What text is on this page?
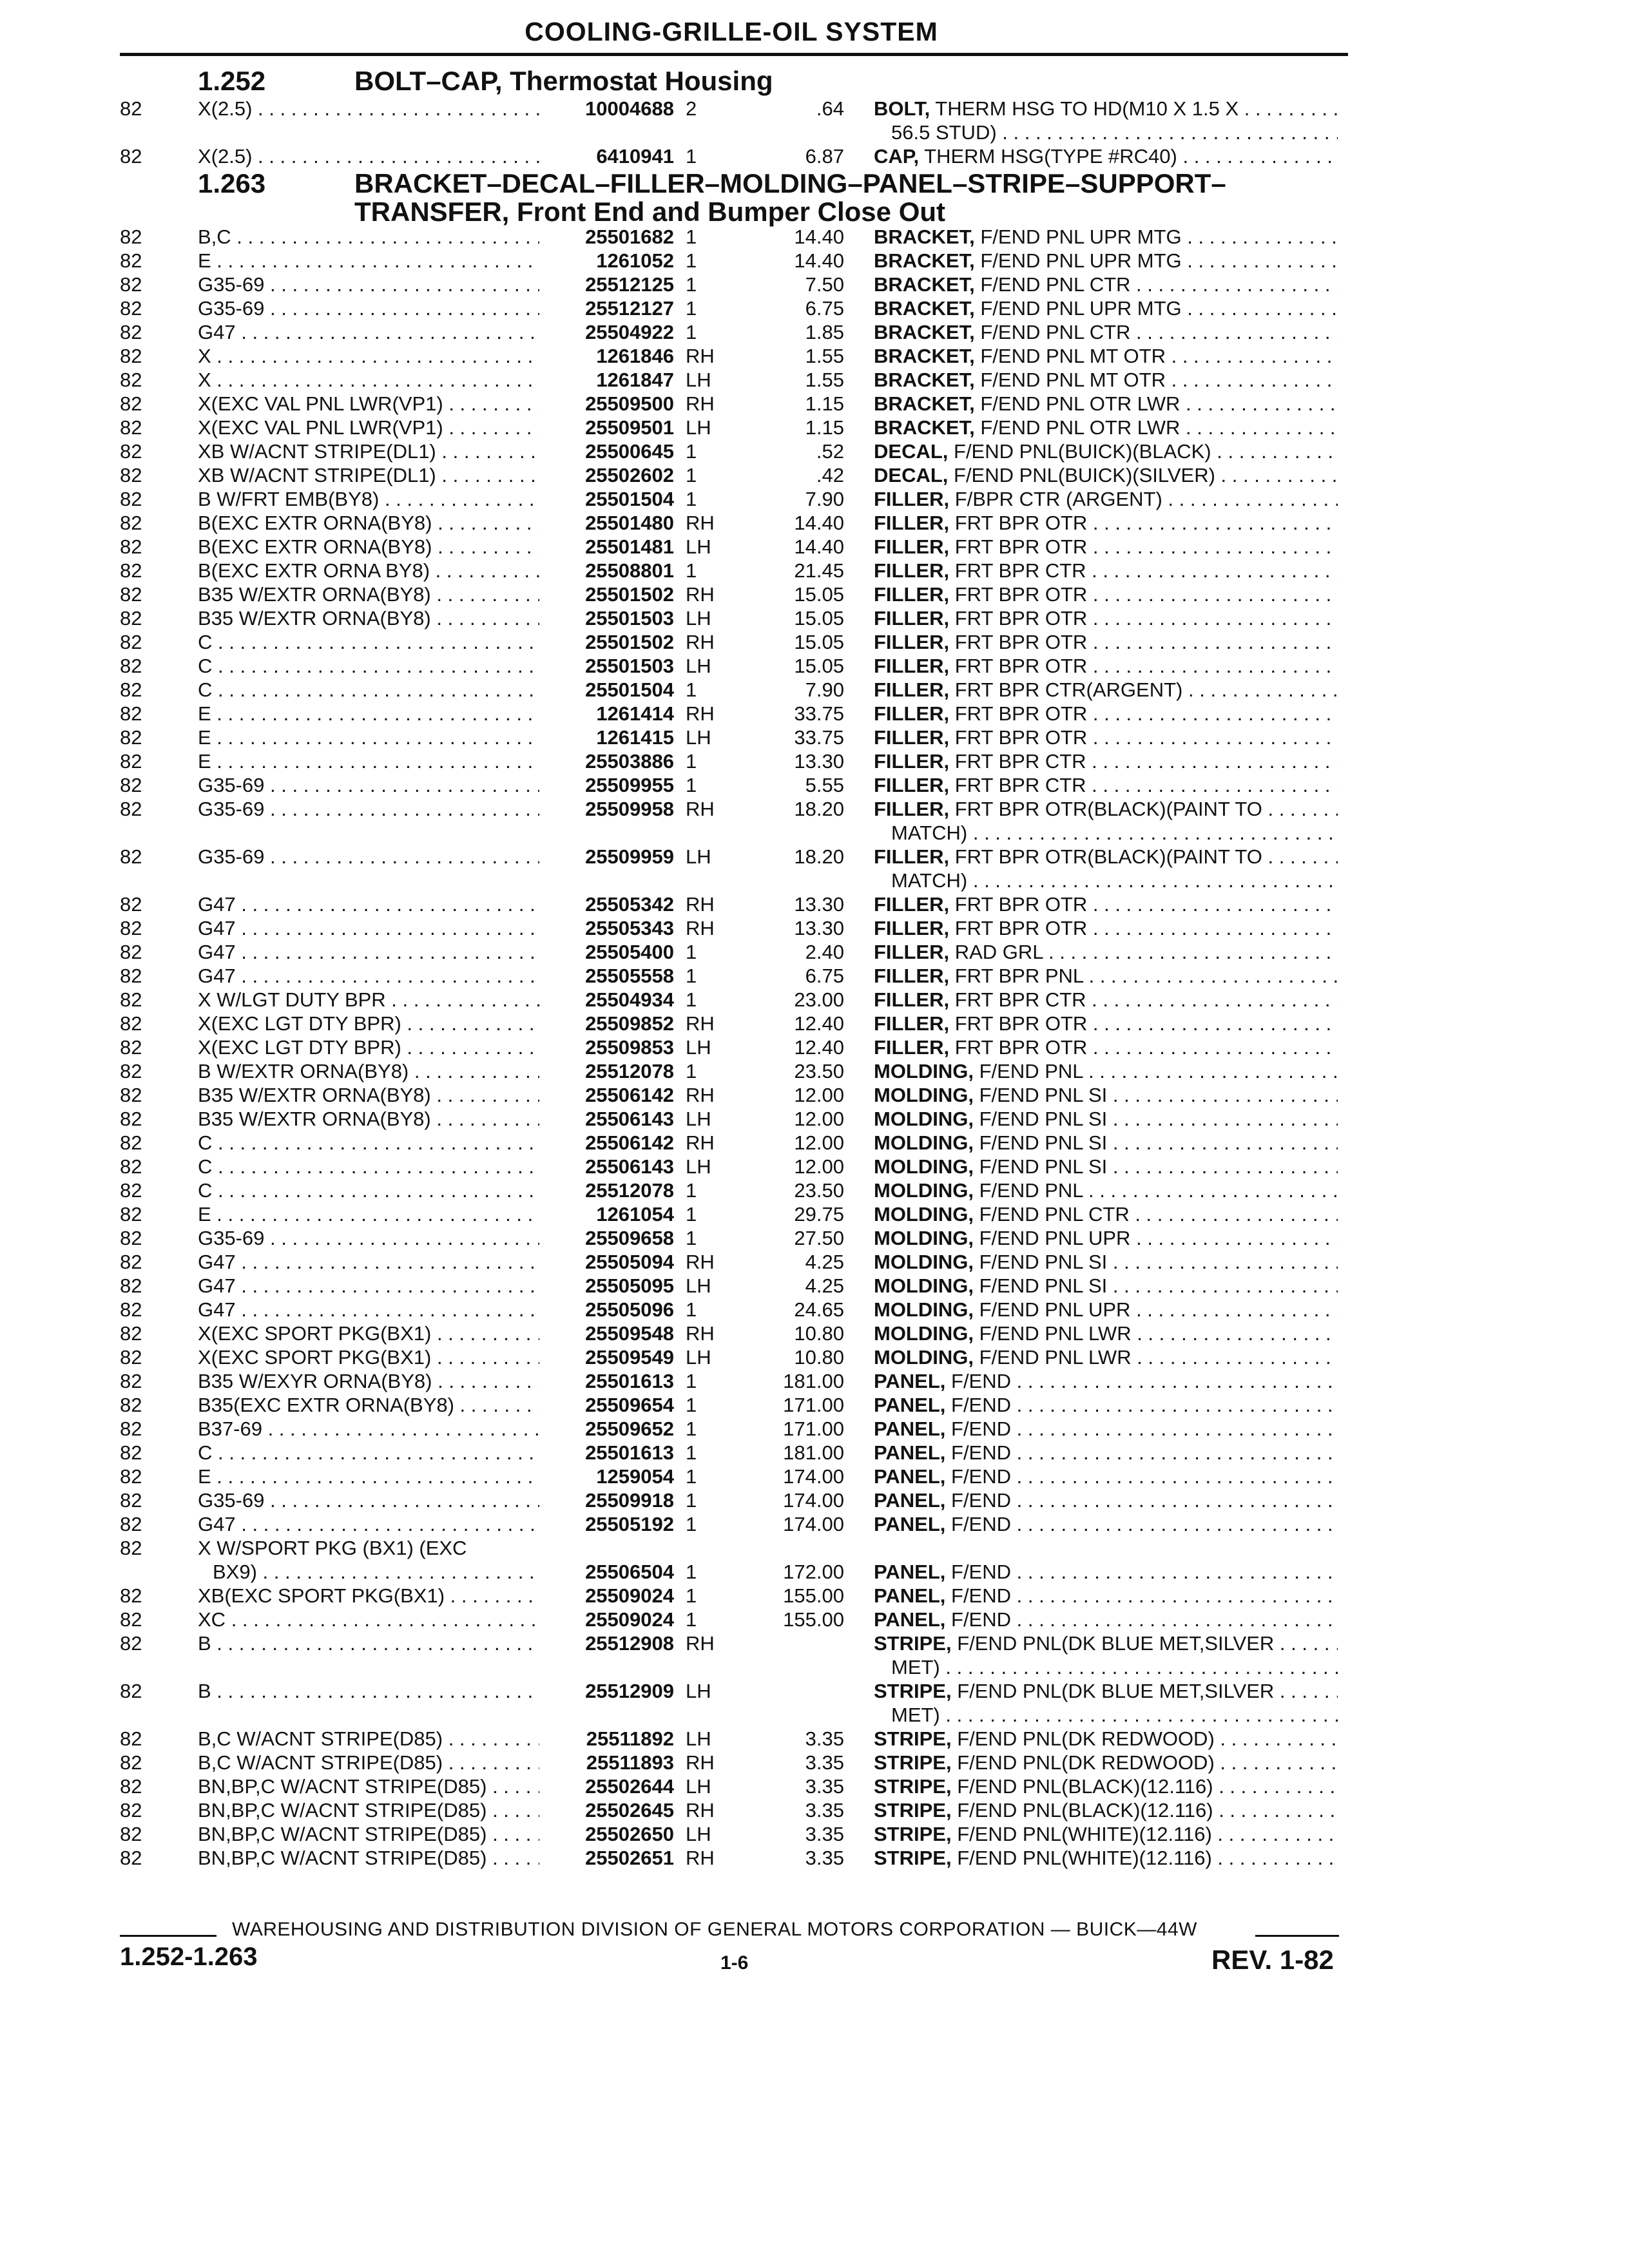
COOLING-GRILLE-OIL SYSTEM
1.252	BOLT–CAP, Thermostat Housing
82	X(2.5) . . .	10004688 2	.64 BOLT, THERM HSG TO HD(M10 X 1.5 X . . .
56.5 STUD) . . .
82	X(2.5) . . .	6410941 1	6.87 CAP, THERM HSG(TYPE #RC40) . . .
1.263	BRACKET–DECAL–FILLER–MOLDING–PANEL–STRIPE–SUPPORT–
TRANSFER, Front End and Bumper Close Out
82	B,C . . .	25501682 1	14.40 BRACKET, F/END PNL UPR MTG . . .
82	E . . .	1261052 1	14.40 BRACKET, F/END PNL UPR MTG . . .
82	G35-69 . . .	25512125 1	7.50 BRACKET, F/END PNL CTR . . .
82	G35-69 . . .	25512127 1	6.75 BRACKET, F/END PNL UPR MTG . . .
82	G47 . . .	25504922 1	1.85 BRACKET, F/END PNL CTR . . .
82	X . . .	1261846 RH	1.55 BRACKET, F/END PNL MT OTR . . .
82	X . . .	1261847 LH	1.55 BRACKET, F/END PNL MT OTR . . .
82	X(EXC VAL PNL LWR(VP1) . . .	25509500 RH	1.15 BRACKET, F/END PNL OTR LWR . . .
82	X(EXC VAL PNL LWR(VP1) . . .	25509501 LH	1.15 BRACKET, F/END PNL OTR LWR . . .
82	XB W/ACNT STRIPE(DL1) . . .	25500645 1	.52 DECAL, F/END PNL(BUICK)(BLACK) . . .
82	XB W/ACNT STRIPE(DL1) . . .	25502602 1	.42 DECAL, F/END PNL(BUICK)(SILVER) . . .
82	B W/FRT EMB(BY8) . . .	25501504 1	7.90 FILLER, F/BPR CTR (ARGENT) . . .
82	B(EXC EXTR ORNA(BY8) . . .	25501480 RH	14.40 FILLER, FRT BPR OTR . . .
82	B(EXC EXTR ORNA(BY8) . . .	25501481 LH	14.40 FILLER, FRT BPR OTR . . .
82	B(EXC EXTR ORNA BY8) . . .	25508801 1	21.45 FILLER, FRT BPR CTR . . .
82	B35 W/EXTR ORNA(BY8) . . .	25501502 RH	15.05 FILLER, FRT BPR OTR . . .
82	B35 W/EXTR ORNA(BY8) . . .	25501503 LH	15.05 FILLER, FRT BPR OTR . . .
82	C . . .	25501502 RH	15.05 FILLER, FRT BPR OTR . . .
82	C . . .	25501503 LH	15.05 FILLER, FRT BPR OTR . . .
82	C . . .	25501504 1	7.90 FILLER, FRT BPR CTR(ARGENT) . . .
82	E . . .	1261414 RH	33.75 FILLER, FRT BPR OTR . . .
82	E . . .	1261415 LH	33.75 FILLER, FRT BPR OTR . . .
82	E . . .	25503886 1	13.30 FILLER, FRT BPR CTR . . .
82	G35-69 . . .	25509955 1	5.55 FILLER, FRT BPR CTR . . .
82	G35-69 . . .	25509958 RH	18.20 FILLER, FRT BPR OTR(BLACK)(PAINT TO . . .
MATCH) . . .
82	G35-69 . . .	25509959 LH	18.20 FILLER, FRT BPR OTR(BLACK)(PAINT TO . . .
MATCH) . . .
82	G47 . . .	25505342 RH	13.30 FILLER, FRT BPR OTR . . .
82	G47 . . .	25505343 RH	13.30 FILLER, FRT BPR OTR . . .
82	G47 . . .	25505400 1	2.40 FILLER, RAD GRL . . .
82	G47 . . .	25505558 1	6.75 FILLER, FRT BPR PNL . . .
82	X W/LGT DUTY BPR . . .	25504934 1	23.00 FILLER, FRT BPR CTR . . .
82	X(EXC LGT DTY BPR) . . .	25509852 RH	12.40 FILLER, FRT BPR OTR . . .
82	X(EXC LGT DTY BPR) . . .	25509853 LH	12.40 FILLER, FRT BPR OTR . . .
82	B W/EXTR ORNA(BY8) . . .	25512078 1	23.50 MOLDING, F/END PNL . . .
82	B35 W/EXTR ORNA(BY8) . . .	25506142 RH	12.00 MOLDING, F/END PNL SI . . .
82	B35 W/EXTR ORNA(BY8) . . .	25506143 LH	12.00 MOLDING, F/END PNL SI . . .
82	C . . .	25506142 RH	12.00 MOLDING, F/END PNL SI . . .
82	C . . .	25506143 LH	12.00 MOLDING, F/END PNL SI . . .
82	C . . .	25512078 1	23.50 MOLDING, F/END PNL . . .
82	E . . .	1261054 1	29.75 MOLDING, F/END PNL CTR . . .
82	G35-69 . . .	25509658 1	27.50 MOLDING, F/END PNL UPR . . .
82	G47 . . .	25505094 RH	4.25 MOLDING, F/END PNL SI . . .
82	G47 . . .	25505095 LH	4.25 MOLDING, F/END PNL SI . . .
82	G47 . . .	25505096 1	24.65 MOLDING, F/END PNL UPR . . .
82	X(EXC SPORT PKG(BX1) . . .	25509548 RH	10.80 MOLDING, F/END PNL LWR . . .
82	X(EXC SPORT PKG(BX1) . . .	25509549 LH	10.80 MOLDING, F/END PNL LWR . . .
82	B35 W/EXYR ORNA(BY8) . . .	25501613 1	181.00 PANEL, F/END . . .
82	B35(EXC EXTR ORNA(BY8) . . .	25509654 1	171.00 PANEL, F/END . . .
82	B37-69 . . .	25509652 1	171.00 PANEL, F/END . . .
82	C . . .	25501613 1	181.00 PANEL, F/END . . .
82	E . . .	1259054 1	174.00 PANEL, F/END . . .
82	G35-69 . . .	25509918 1	174.00 PANEL, F/END . . .
82	G47 . . .	25505192 1	174.00 PANEL, F/END . . .
82	X W/SPORT PKG (BX1) (EXC
BX9) . . .	25506504 1	172.00 PANEL, F/END . . .
82	XB(EXC SPORT PKG(BX1) . . .	25509024 1	155.00 PANEL, F/END . . .
82	XC . . .	25509024 1	155.00 PANEL, F/END . . .
82	B . . .	25512908 RH	STRIPE, F/END PNL(DK BLUE MET,SILVER . . .
MET) . . .
82	B . . .	25512909 LH	STRIPE, F/END PNL(DK BLUE MET,SILVER . . .
MET) . . .
82	B,C W/ACNT STRIPE(D85) . . .	25511892 LH	3.35 STRIPE, F/END PNL(DK REDWOOD) . . .
82	B,C W/ACNT STRIPE(D85) . . .	25511893 RH	3.35 STRIPE, F/END PNL(DK REDWOOD) . . .
82	BN,BP,C W/ACNT STRIPE(D85) . . .	25502644 LH	3.35 STRIPE, F/END PNL(BLACK)(12.116) . . .
82	BN,BP,C W/ACNT STRIPE(D85) . . .	25502645 RH	3.35 STRIPE, F/END PNL(BLACK)(12.116) . . .
82	BN,BP,C W/ACNT STRIPE(D85) . . .	25502650 LH	3.35 STRIPE, F/END PNL(WHITE)(12.116) . . .
82	BN,BP,C W/ACNT STRIPE(D85) . . .	25502651 RH	3.35 STRIPE, F/END PNL(WHITE)(12.116) . . .
WAREHOUSING AND DISTRIBUTION DIVISION OF GENERAL MOTORS CORPORATION — BUICK—44W
1.252-1.263	1-6	REV. 1-82
